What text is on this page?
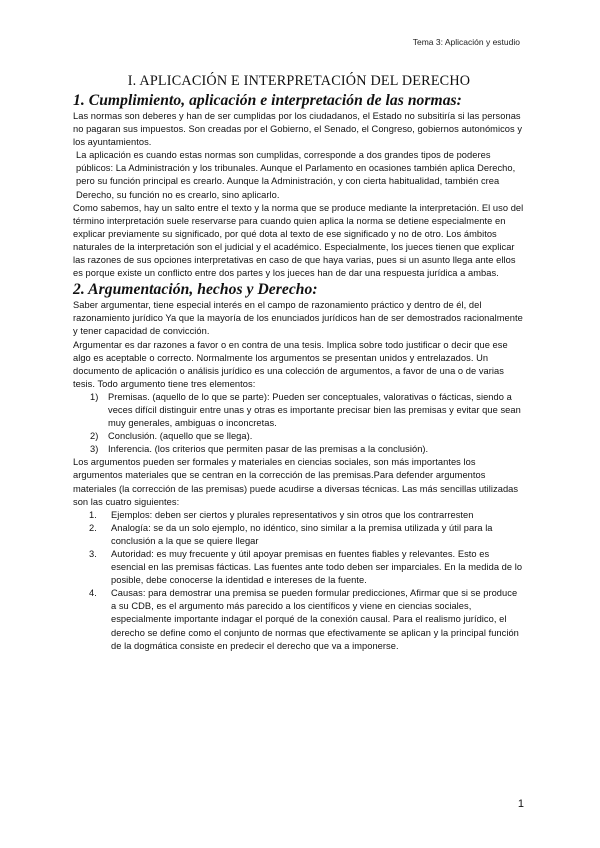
Tema 3: Aplicación y estudio
I. APLICACIÓN E INTERPRETACIÓN DEL DERECHO
1. Cumplimiento, aplicación e interpretación de las normas:

Las normas son deberes y han de ser cumplidas por los ciudadanos, el Estado no subsitiría si las personas no pagaran sus impuestos. Son creadas por el Gobierno, el Senado, el Congreso, gobiernos autonómicos y los ayuntamientos.

La aplicación es cuando estas normas son cumplidas, corresponde a dos grandes tipos de poderes públicos: La Administración y los tribunales. Aunque el Parlamento en ocasiones también aplica Derecho, pero su función principal es crearlo. Aunque la Administración, y con cierta habitualidad, también crea Derecho, su función no es crearlo, sino aplicarlo.

Como sabemos, hay un salto entre el texto y la norma que se produce mediante la interpretación. El uso del término interpretación suele reservarse para cuando quien aplica la norma se detiene especialmente en explicar previamente su significado, por qué dota al texto de ese significado y no de otro. Los ámbitos naturales de la interpretación son el judicial y el académico. Especialmente, los jueces tienen que explicar las razones de sus opciones interpretativas en caso de que haya varias, pues si un asunto llega ante ellos es porque existe un conflicto entre dos partes y los jueces han de dar una respuesta jurídica a ambas.

2. Argumentación, hechos y Derecho:

Saber argumentar, tiene especial interés en el campo de razonamiento práctico y dentro de él, del razonamiento jurídico Ya que la mayoría de los enunciados jurídicos han de ser demostrados racionalmente y tener capacidad de convicción.

Argumentar es dar razones a favor o en contra de una tesis. Implica sobre todo justificar o decir que ese algo es aceptable o correcto. Normalmente los argumentos se presentan unidos y entrelazados. Un documento de aplicación o análisis jurídico es una colección de argumentos, a favor de una o de varias tesis. Todo argumento tiene tres elementos:

1) Premisas. (aquello de lo que se parte): Pueden ser conceptuales, valorativas o fácticas, siendo a veces difícil distinguir entre unas y otras es importante precisar bien las premisas y evitar que sean muy generales, ambiguas o inconcretas.
2) Conclusión. (aquello que se llega).
3) Inferencia. (los criterios que permiten pasar de las premisas a la conclusión).

Los argumentos pueden ser formales y materiales en ciencias sociales, son más importantes los argumentos materiales que se centran en la corrección de las premisas.Para defender argumentos materiales (la corrección de las premisas) puede acudirse a diversas técnicas. Las más sencillas utilizadas son las cuatro siguientes:

1. Ejemplos: deben ser ciertos y plurales representativos y sin otros que los contrarresten
2. Analogía: se da un solo ejemplo, no idéntico, sino similar a la premisa utilizada y útil para la conclusión a la que se quiere llegar
3. Autoridad: es muy frecuente y útil apoyar premisas en fuentes fiables y relevantes. Esto es esencial en las premisas fácticas. Las fuentes ante todo deben ser imparciales. En la medida de lo posible, debe conocerse la identidad e intereses de la fuente.
4. Causas: para demostrar una premisa se pueden formular predicciones, Afirmar que si se produce a su CDB, es el argumento más parecido a los científicos y viene en ciencias sociales, especialmente importante indagar el porqué de la conexión causal. Para el realismo jurídico, el derecho se define como el conjunto de normas que efectivamente se aplican y la principal función de la dogmática consiste en predecir el derecho que va a imponerse.
1
